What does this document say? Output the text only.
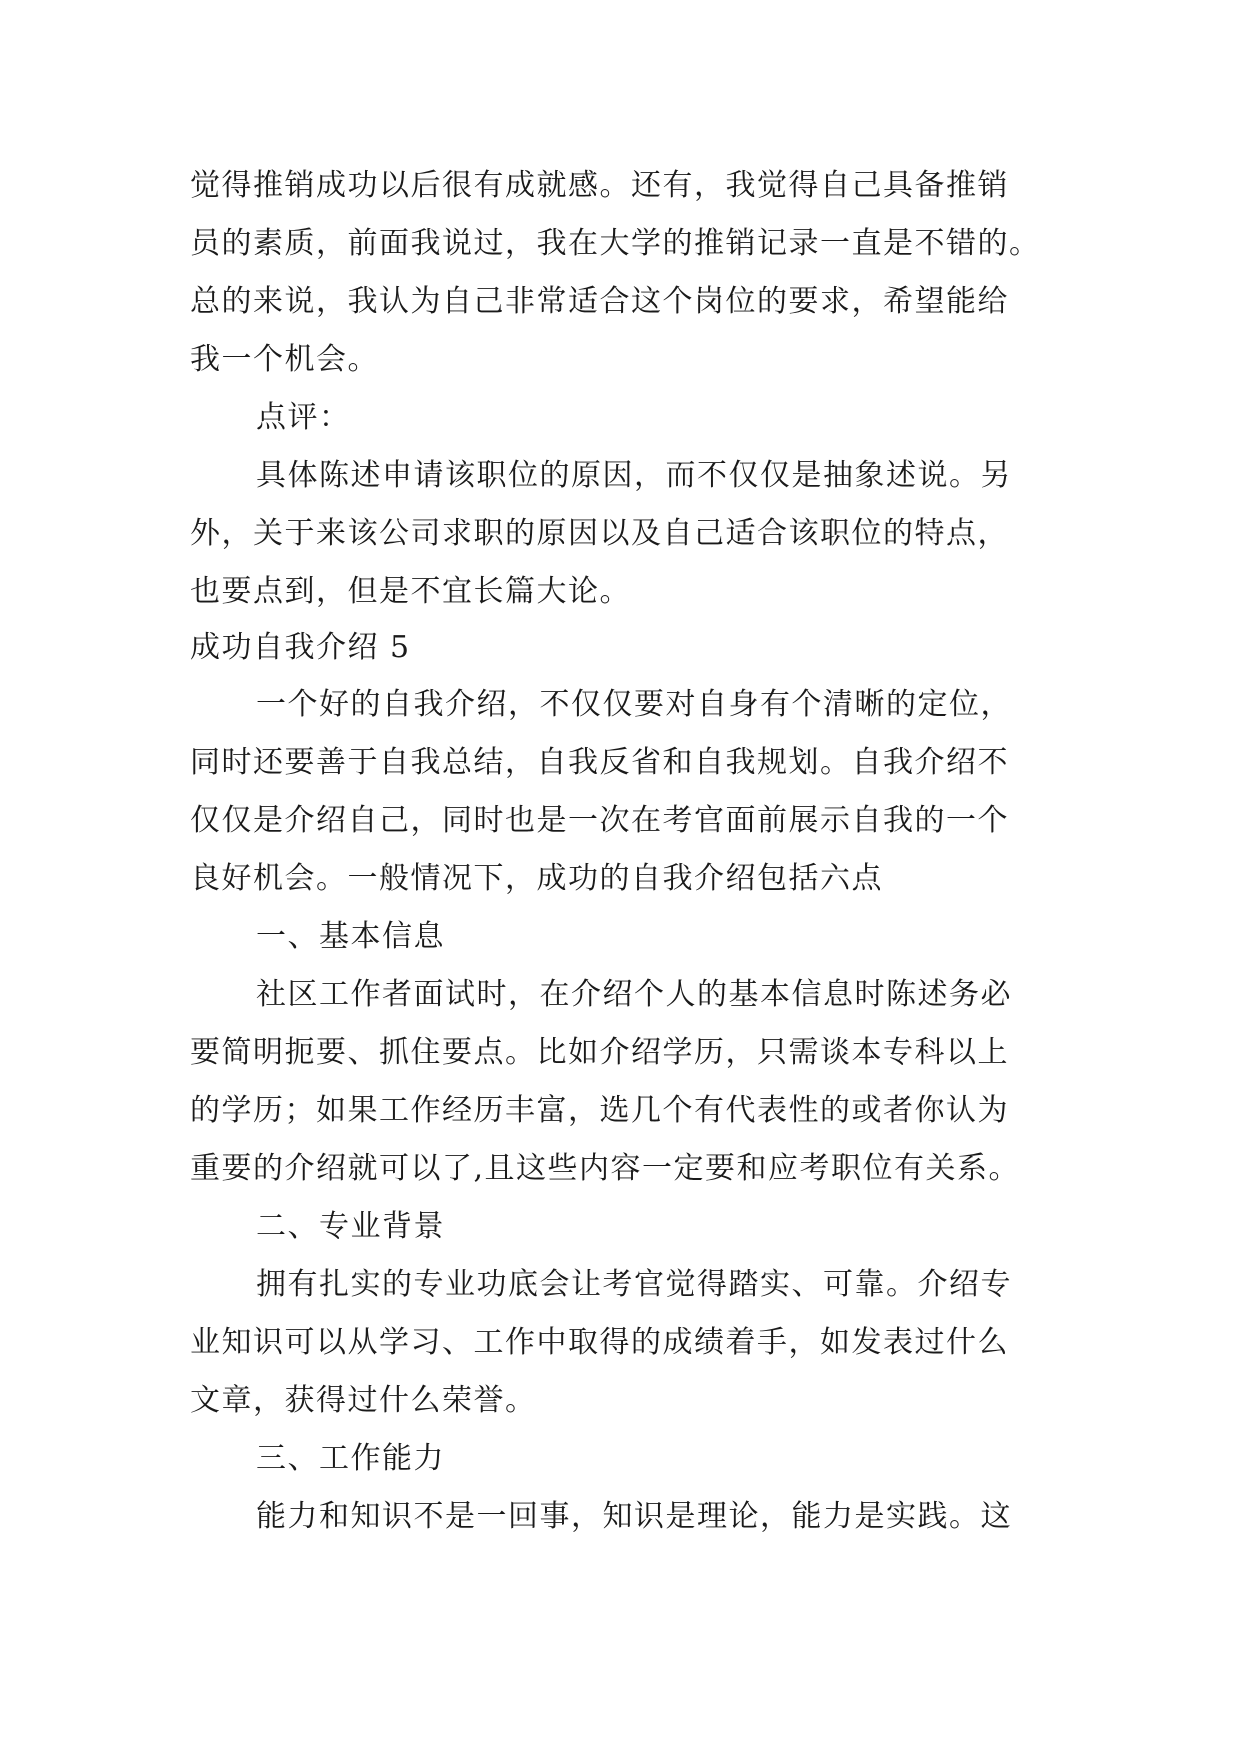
觉得推销成功以后很有成就感。还有，我觉得自己具备推销
员的素质，前面我说过，我在大学的推销记录一直是不错的。
总的来说，我认为自己非常适合这个岗位的要求，希望能给
我一个机会。
点评：
具体陈述申请该职位的原因，而不仅仅是抽象述说。另
外，关于来该公司求职的原因以及自己适合该职位的特点，
也要点到，但是不宜长篇大论。
成功自我介绍 5
一个好的自我介绍，不仅仅要对自身有个清晰的定位，
同时还要善于自我总结，自我反省和自我规划。自我介绍不
仅仅是介绍自己，同时也是一次在考官面前展示自我的一个
良好机会。一般情况下，成功的自我介绍包括六点
一、基本信息
社区工作者面试时，在介绍个人的基本信息时陈述务必
要简明扼要、抓住要点。比如介绍学历，只需谈本专科以上
的学历；如果工作经历丰富，选几个有代表性的或者你认为
重要的介绍就可以了,且这些内容一定要和应考职位有关系。
二、专业背景
拥有扎实的专业功底会让考官觉得踏实、可靠。介绍专
业知识可以从学习、工作中取得的成绩着手，如发表过什么
文章，获得过什么荣誉。
三、工作能力
能力和知识不是一回事，知识是理论，能力是实践。这
